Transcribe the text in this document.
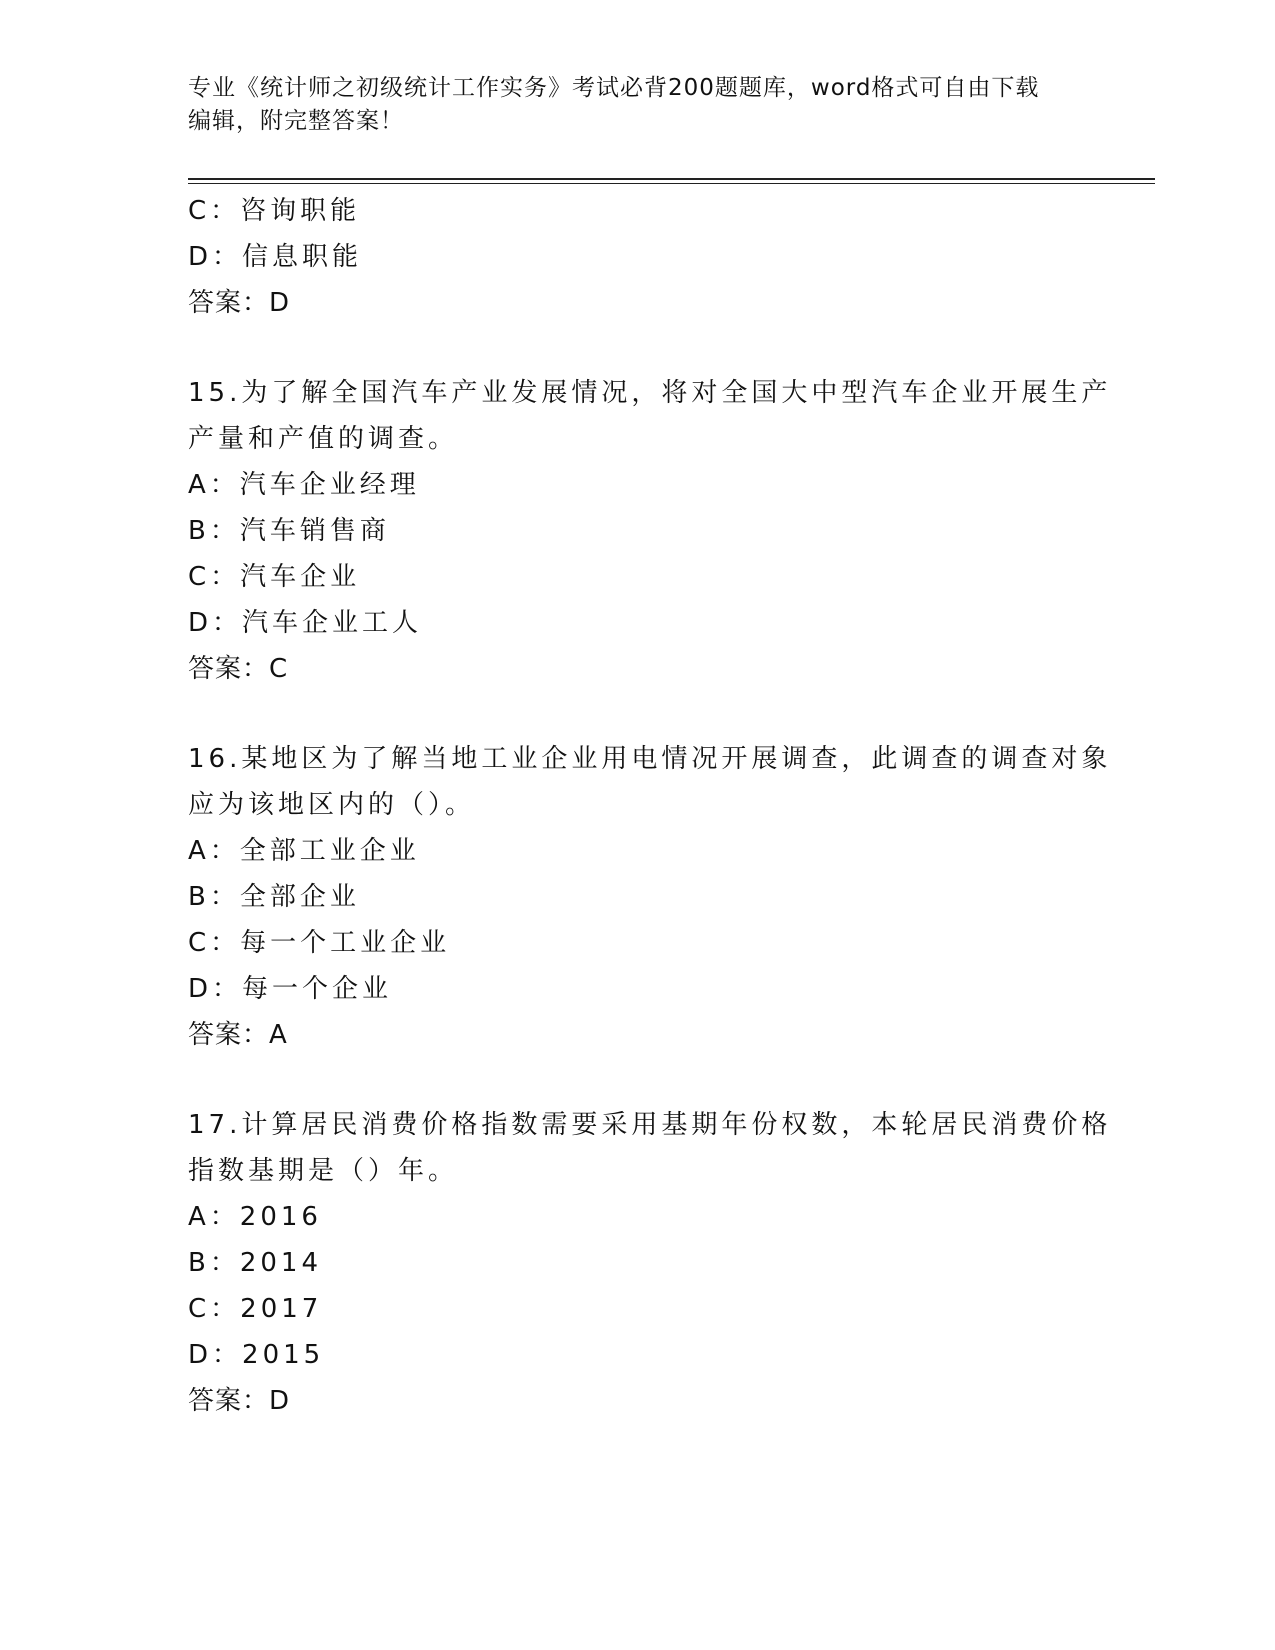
专业《统计师之初级统计工作实务》考试必背200题题库，word格式可自由下载
编辑，附完整答案！
C：咨询职能
D：信息职能
答案：D
15.为了解全国汽车产业发展情况，将对全国大中型汽车企业开展生产
产量和产值的调查。
A：汽车企业经理
B：汽车销售商
C：汽车企业
D：汽车企业工人
答案：C
16.某地区为了解当地工业企业用电情况开展调查，此调查的调查对象
应为该地区内的（）。
A：全部工业企业
B：全部企业
C：每一个工业企业
D：每一个企业
答案：A
17.计算居民消费价格指数需要采用基期年份权数，本轮居民消费价格
指数基期是（）年。
A：2016
B：2014
C：2017
D：2015
答案：D
